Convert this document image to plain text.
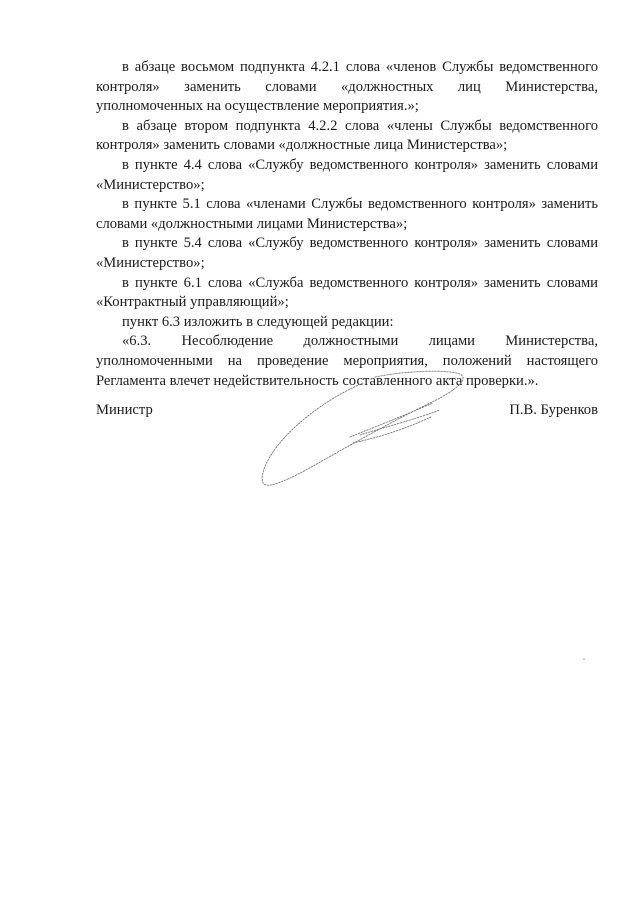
в абзаце восьмом подпункта 4.2.1 слова «членов Службы ведомственного контроля» заменить словами «должностных лиц Министерства, уполномоченных на осуществление мероприятия.»;

в абзаце втором подпункта 4.2.2 слова «члены Службы ведомственного контроля» заменить словами «должностные лица Министерства»;

в пункте 4.4 слова «Службу ведомственного контроля» заменить словами «Министерство»;

в пункте 5.1 слова «членами Службы ведомственного контроля» заменить словами «должностными лицами Министерства»;

в пункте 5.4 слова «Службу ведомственного контроля» заменить словами «Министерство»;

в пункте 6.1 слова «Служба ведомственного контроля» заменить словами «Контрактный управляющий»;

пункт 6.3 изложить в следующей редакции:

«6.3. Несоблюдение должностными лицами Министерства, уполномоченными на проведение мероприятия, положений настоящего Регламента влечет недействительность составленного акта проверки.».

Министр	П.В. Буренков
